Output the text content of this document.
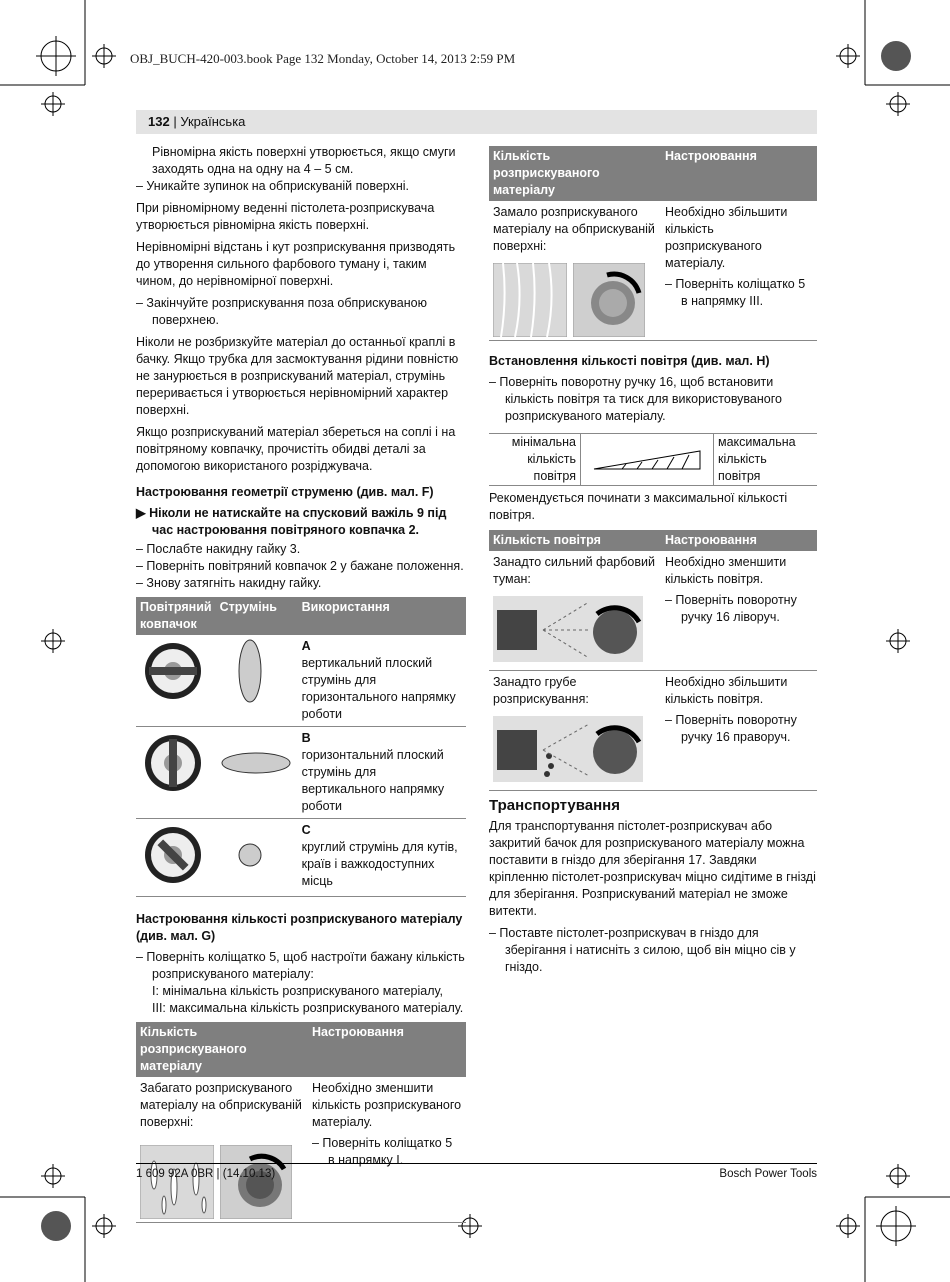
OBJ_BUCH-420-003.book Page 132 Monday, October 14, 2013 2:59 PM
132 | Українська

Рівномірна якість поверхні утворюється, якщо смуги заходять одна на одну на 4 – 5 см.

– Уникайте зупинок на обприскуваній поверхні.

При рівномірному веденні пістолета-розприскувача утворюється рівномірна якість поверхні.

Нерівномірні відстань і кут розприскування призводять до утворення сильного фарбового туману і, таким чином, до нерівномірної поверхні.

– Закінчуйте розприскування поза обприскуваною поверхнею.

Ніколи не розбризкуйте матеріал до останньої краплі в бачку. Якщо трубка для засмоктування рідини повністю не занурюється в розприскуваний матеріал, струмінь переривається і утворюється нерівномірний характер поверхні.

Якщо розприскуваний матеріал збереться на соплі і на повітряному ковпачку, прочистіть обидві деталі за допомогою використаного розріджувача.

Настроювання геометрії струменю (див. мал. F)

▶ Ніколи не натискайте на спусковий важіль 9 під час настроювання повітряного ковпачка 2.

– Послабте накидну гайку 3.

– Поверніть повітряний ковпачок 2 у бажане положення.

– Знову затягніть накидну гайку.

Повітряний ковпачок	Струмінь	Використання
		A
вертикальний плоский струмінь для горизонтального напрямку роботи
		B
горизонтальний плоский струмінь для вертикального напрямку роботи
		C
круглий струмінь для кутів, країв і важкодоступних місць
Настроювання кількості розприскуваного матеріалу (див. мал. G)

– Поверніть коліщатко 5, щоб настроїти бажану кількість розприскуваного матеріалу:

I: мінімальна кількість розприскуваного матеріалу,

III: максимальна кількість розприскуваного матеріалу.

Кількість розприскуваного матеріалу	Настроювання

Забагато розприскуваного матеріалу на обприскуваній поверхні:	Необхідно зменшити кількість розприскуваного матеріалу.
– Поверніть коліщатко 5 в напрямку I.
Кількість розприскуваного матеріалу	Настроювання

Замало розприскуваного матеріалу на обприскуваній поверхні:	Необхідно збільшити кількість розприскуваного матеріалу.
– Поверніть коліщатко 5 в напрямку III.
Встановлення кількості повітря (див. мал. H)

– Поверніть поворотну ручку 16, щоб встановити кількість повітря та тиск для використовуваного розприскуваного матеріалу.

мінімальна кількість повітря
максимальна кількість повітря

Рекомендується починати з максимальної кількості повітря.

Кількість повітря	Настроювання

Занадто сильний фарбовий туман:	Необхідно зменшити кількість повітря.
– Поверніть поворотну ручку 16 ліворуч.

Занадто грубе розприскування:	Необхідно збільшити кількість повітря.
– Поверніть поворотну ручку 16 праворуч.
Транспортування

Для транспортування пістолет-розприскувач або закритий бачок для розприскуваного матеріалу можна поставити в гніздо для зберігання 17. Завдяки кріпленню пістолет-розприскувач міцно сидітиме в гнізді для зберігання. Розприскуваний матеріал не зможе витекти.

– Поставте пістолет-розприскувач в гніздо для зберігання і натисніть з силою, щоб він міцно сів у гніздо.

1 609 92A 0BR | (14.10.13)	Bosch Power Tools
